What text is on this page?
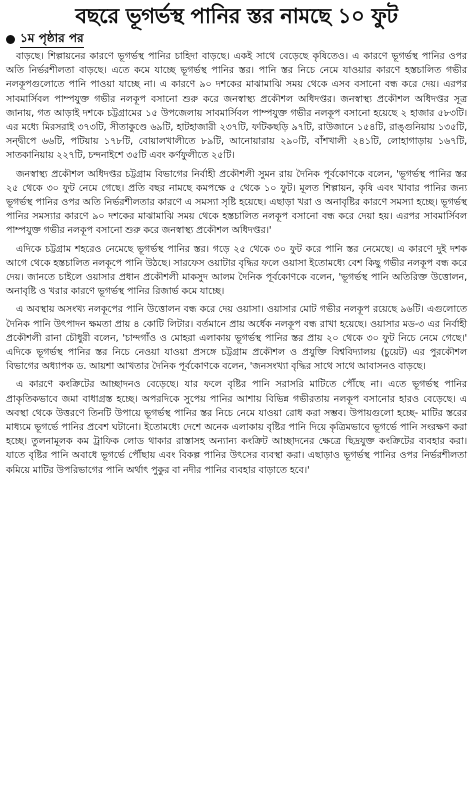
বছরে ভূগর্ভস্থ পানির স্তর নামছে ১০ ফুট
১ম পৃষ্ঠার পর

বাড়ছে। শিল্পায়নের কারণে ভূগর্ভস্থ পানির চাহিদা বাড়ছে। একই সাথে বেড়েছে কৃষিতেও। এ কারণে ভূগর্ভস্থ পানির ওপর অতি নির্ভরশীলতা বাড়ছে। এতে কমে যাচ্ছে ভূগর্ভস্থ পানির স্তর। পানি স্তর নিচে নেমে যাওয়ার কারণে হস্তচালিত গভীর নলকূপগুলোতে পানি পাওয়া যাচ্ছে না। এ কারণে ৯০ দশকের মাঝামাঝি সময় থেকে এসব বসানো বন্ধ করে দেয়। এরপর সাবমার্সিবল পাম্পযুক্ত গভীর নলকূপ বসানো শুরু করে জনস্বাস্থ্য প্রকৌশল অধিদপ্তর। জনস্বাস্থ্য প্রকৌশল অধিদপ্তর সূত্র জানায়, গত আড়াই দশকে চট্টগ্রামের ১৫ উপজেলায় সাবমার্সিবল পাম্পযুক্ত গভীর নলকূপ বসানো হয়েছে ২ হাজার ৫৮৩টি। এর মধ্যে মিরসরাই ৩৭৩টি, সীতাকুণ্ডে ৬৯টি, হাটহাজারী ২৩৭টি, ফটিকছড়ি ৯৭টি, রাউজানে ১৫৪টি, রাঙ্গুনিয়ায় ১৩৫টি, সন্দ্বীপে ৬৬টি, পটিয়ায় ১৭৮টি, বোয়ালখালীতে ৮৯টি, আনোয়ারায় ২৯০টি, বাঁশখালী ২৪১টি, লোহাগাড়ায় ১৬৭টি, সাতকানিয়ায় ২২৭টি, চন্দনাইশে ৩৫টি এবং কর্ণফুলীতে ২৫টি।

জনস্বাস্থ্য প্রকৌশল অধিদপ্তর চট্টগ্রাম বিভাগের নির্বাহী প্রকৌশলী সুমন রায় দৈনিক পূর্বকোণকে বলেন, 'ভূগর্ভস্থ পানির স্তর ২৫ থেকে ৩০ ফুট নেমে গেছে। প্রতি বছর নামছে কমপক্ষে ৫ থেকে ১০ ফুট। মূলত শিল্পায়ন, কৃষি এবং খাবার পানির জন্য ভূগর্ভস্থ পানির ওপর অতি নির্ভরশীলতার কারণে এ সমস্যা সৃষ্টি হয়েছে। এছাড়া খরা ও অনাবৃষ্টির কারণে সমস্যা হচ্ছে। ভূগর্ভস্থ পানির সমস্যার কারণে ৯০ দশকের মাঝামাঝি সময় থেকে হস্তচালিত নলকূপ বসানো বন্ধ করে দেয়া হয়। এরপর সাবমার্সিবল পাম্পযুক্ত গভীর নলকূপ বসানো শুরু করে জনস্বাস্থ্য প্রকৌশল অধিদপ্তর।'

এদিকে চট্টগ্রাম শহরেও নেমেছে ভূগর্ভস্থ পানির স্তর। গড়ে ২৫ থেকে ৩০ ফুট করে পানি স্তর নেমেছে। এ কারণে দুই দশক আগে থেকে হস্তচালিত নলকূপে পানি উঠছে। সারফেস ওয়াটার বৃদ্ধির ফলে ওয়াসা ইতোমধ্যে বেশ কিছু গভীর নলকূপ বন্ধ করে দেয়। জানতে চাইলে ওয়াসার প্রধান প্রকৌশলী মাকসুদ আলম দৈনিক পূর্বকোণকে বলেন, 'ভূগর্ভস্থ পানি অতিরিক্ত উত্তোলন, অনাবৃষ্টি ও খরার কারণে ভূগর্ভস্থ পানির রিজার্ভ কমে যাচ্ছে।

এ অবস্থায় অসংখ্য নলকূপের পানি উত্তোলন বন্ধ করে দেয় ওয়াসা। ওয়াসার মোট গভীর নলকূপ রয়েছে ৯৬টি। এগুলোতে দৈনিক পানি উৎপাদন ক্ষমতা প্রায় ৪ কোটি লিটার। বর্তমানে প্রায় অর্ধেক নলকূপ বন্ধ রাখা হয়েছে। ওয়াসার মড-৩ এর নির্বাহী প্রকৌশলী রানা চৌধুরী বলেন, 'চান্দগাঁও ও মোহরা এলাকায় ভূগর্ভস্থ পানির স্তর প্রায় ২০ থেকে ৩০ ফুট নিচে নেমে গেছে।' এদিকে ভূগর্ভস্থ পানির স্তর নিচে নেওয়া যাওয়া প্রসঙ্গে চট্টগ্রাম প্রকৌশল ও প্রযুক্তি বিশ্ববিদ্যালয় (চুয়েট) এর পুরকৌশল বিভাগের অধ্যাপক ড. আয়শা আখতার দৈনিক পূর্বকোণকে বলেন, 'জনসংখ্যা বৃদ্ধির সাথে সাথে আবাসনও বাড়ছে।

এ কারণে কংক্রিটের আচ্ছাদনও বেড়েছে। যার ফলে বৃষ্টির পানি সরাসরি মাটিতে পৌঁছে না। এতে ভূগর্ভস্থ পানির প্রাকৃতিকভাবে জমা বাধাগ্রস্ত হচ্ছে। অপরদিকে সুপেয় পানির আশায় বিভিন্ন গভীরতায় নলকূপ বসানোর হারও বেড়েছে। এ অবস্থা থেকে উত্তরণে তিনটি উপায়ে ভূগর্ভস্থ পানির স্তর নিচে নেমে যাওয়া রোধ করা সম্ভব। উপায়গুলো হচ্ছে- মাটির স্তরের মাধ্যমে ভূগর্ভে পানির প্রবেশ ঘটানো। ইতোমধ্যে দেশে অনেক এলাকায় বৃষ্টির পানি দিয়ে কৃত্রিমভাবে ভূগর্ভে পানি সংরক্ষণ করা হচ্ছে। তুলনামূলক কম ট্রাফিক লোড থাকার রাস্তাসহ অন্যান্য কংক্রিট আচ্ছাদনের ক্ষেত্রে ছিদ্রযুক্ত কংক্রিটের ব্যবহার করা। যাতে বৃষ্টির পানি অবাধে ভূগর্ভে পৌঁছায় এবং বিকল্প পানির উৎসের ব্যবস্থা করা। এছাড়াও ভূগর্ভস্থ পানির ওপর নির্ভরশীলতা কমিয়ে মাটির উপরিভাগের পানি অর্থাৎ পুকুর বা নদীর পানির ব্যবহার বাড়াতে হবে।'
